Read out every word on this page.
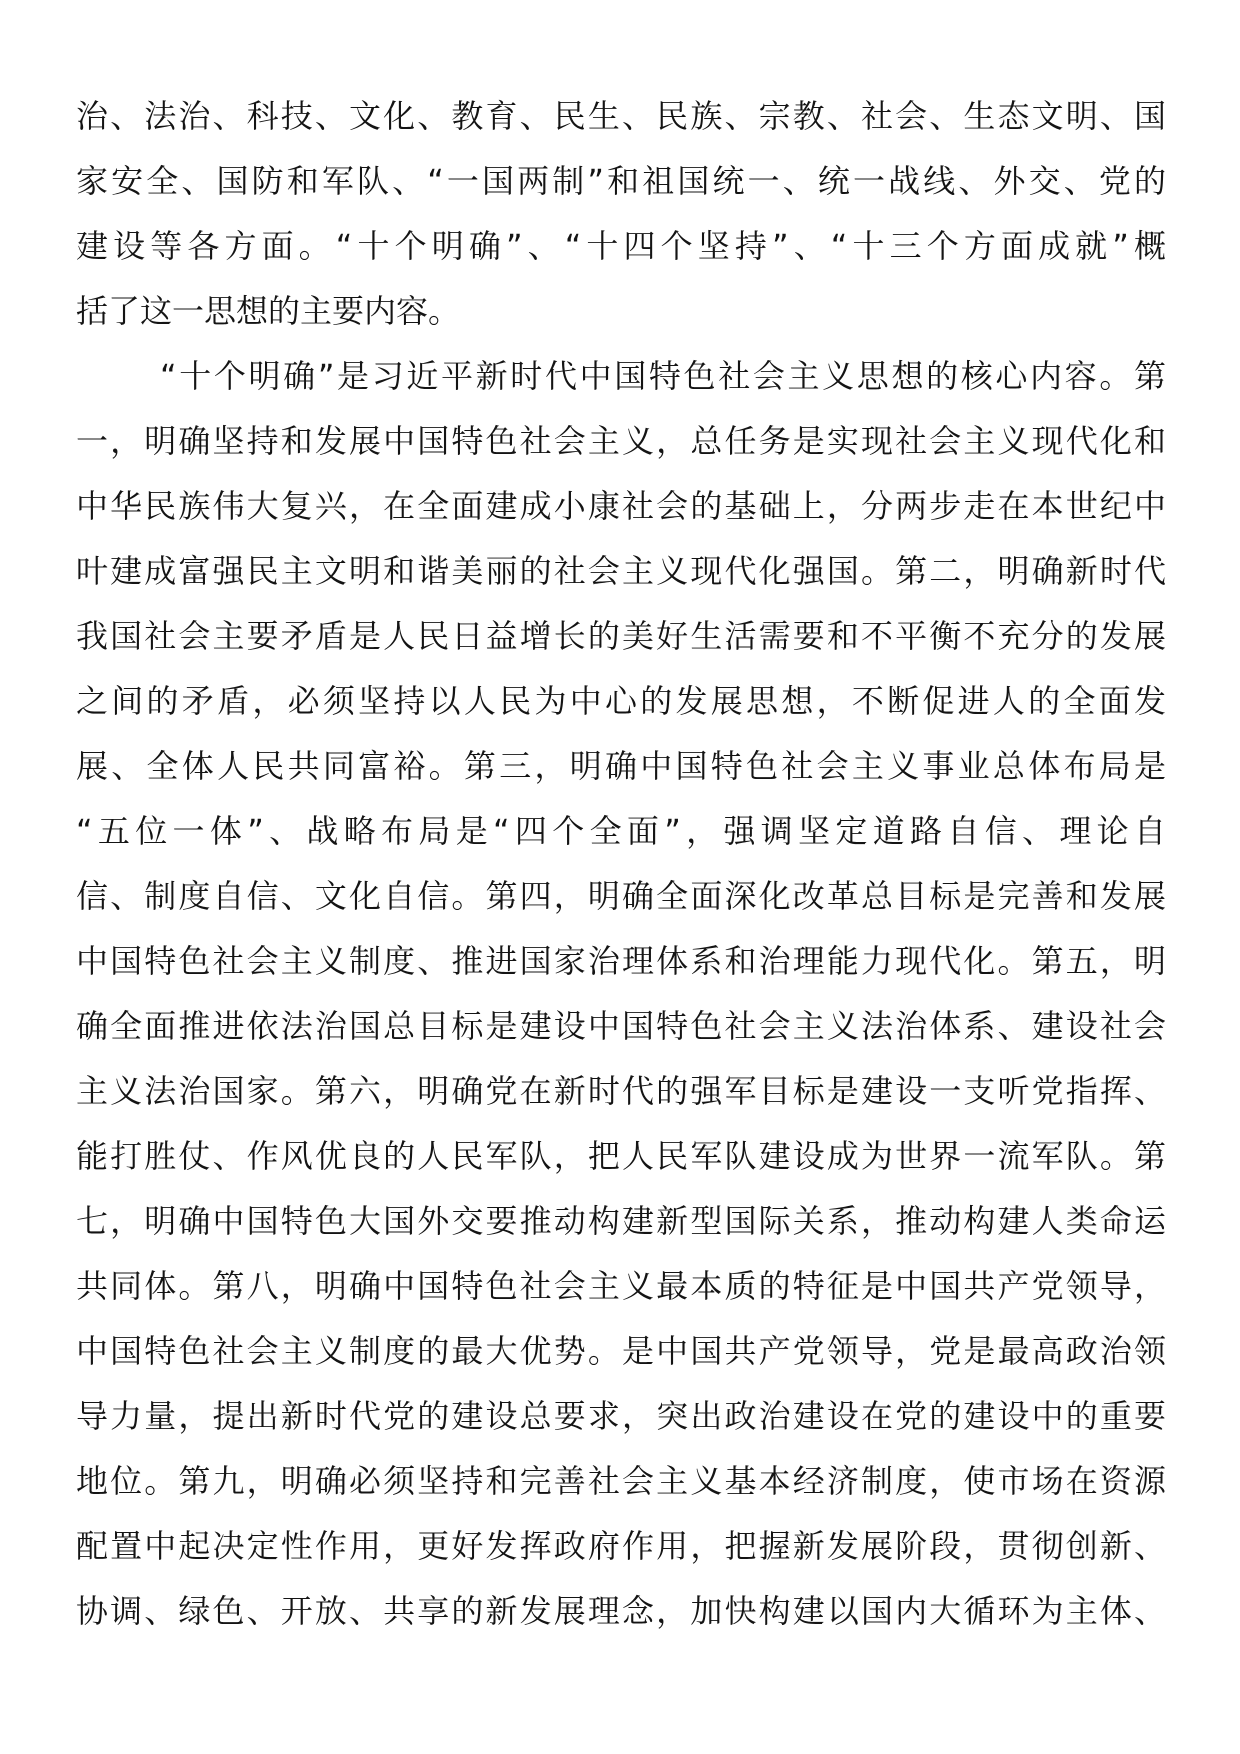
治、法治、科技、文化、教育、民生、民族、宗教、社会、生态文明、国
家安全、国防和军队、“一国两制”和祖国统一、统一战线、外交、党的
建设等各方面。“十个明确”、“十四个坚持”、“十三个方面成就”概
括了这一思想的主要内容。
“十个明确”是习近平新时代中国特色社会主义思想的核心内容。第
一，明确坚持和发展中国特色社会主义，总任务是实现社会主义现代化和
中华民族伟大复兴，在全面建成小康社会的基础上，分两步走在本世纪中
叶建成富强民主文明和谐美丽的社会主义现代化强国。第二，明确新时代
我国社会主要矛盾是人民日益增长的美好生活需要和不平衡不充分的发展
之间的矛盾，必须坚持以人民为中心的发展思想，不断促进人的全面发
展、全体人民共同富裕。第三，明确中国特色社会主义事业总体布局是
“五位一体”、战略布局是“四个全面”，强调坚定道路自信、理论自
信、制度自信、文化自信。第四，明确全面深化改革总目标是完善和发展
中国特色社会主义制度、推进国家治理体系和治理能力现代化。第五，明
确全面推进依法治国总目标是建设中国特色社会主义法治体系、建设社会
主义法治国家。第六，明确党在新时代的强军目标是建设一支听党指挥、
能打胜仗、作风优良的人民军队，把人民军队建设成为世界一流军队。第
七，明确中国特色大国外交要推动构建新型国际关系，推动构建人类命运
共同体。第八，明确中国特色社会主义最本质的特征是中国共产党领导，
中国特色社会主义制度的最大优势。是中国共产党领导，党是最高政治领
导力量，提出新时代党的建设总要求，突出政治建设在党的建设中的重要
地位。第九，明确必须坚持和完善社会主义基本经济制度，使市场在资源
配置中起决定性作用，更好发挥政府作用，把握新发展阶段，贯彻创新、
协调、绿色、开放、共享的新发展理念，加快构建以国内大循环为主体、
